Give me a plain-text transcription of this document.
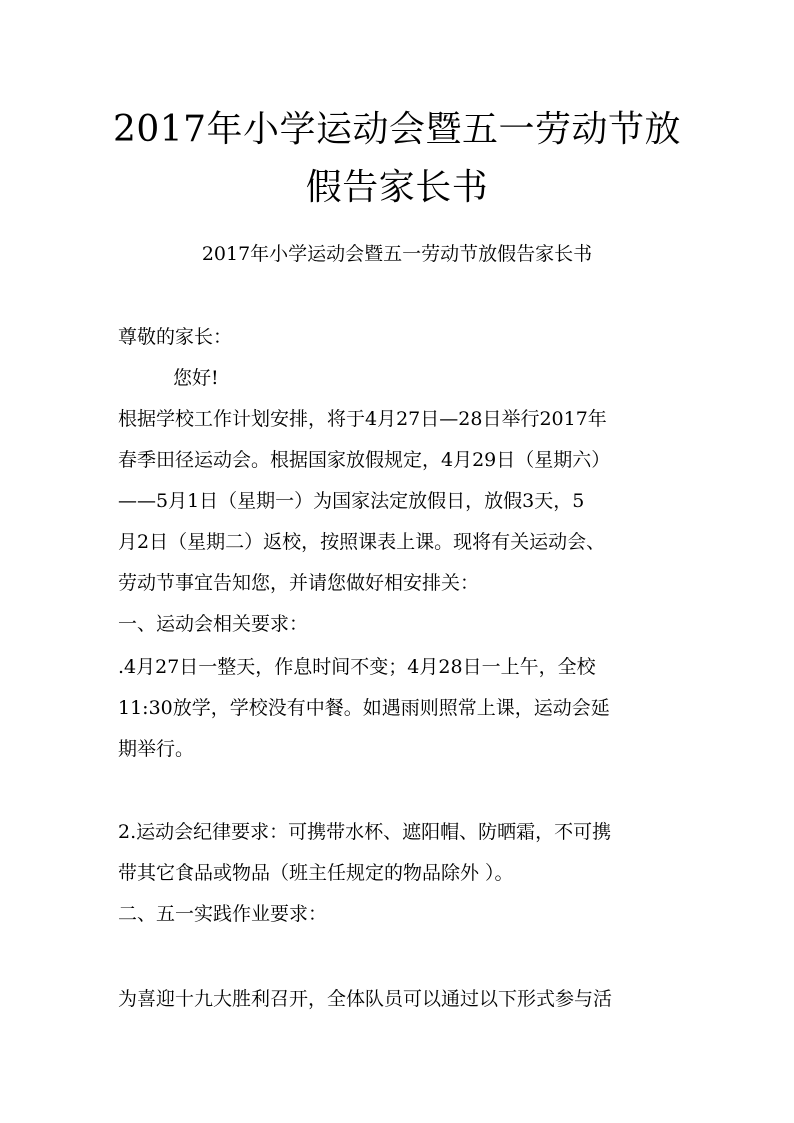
2017年小学运动会暨五一劳动节放
假告家长书
2017年小学运动会暨五一劳动节放假告家长书
尊敬的家长：
您好!
根据学校工作计划安排，将于4月27日—28日举行2017年
春季田径运动会。根据国家放假规定，4月29日（星期六）
——5月1日（星期一）为国家法定放假日，放假3天，5
月2日（星期二）返校，按照课表上课。现将有关运动会、
劳动节事宜告知您，并请您做好相安排关：
一、运动会相关要求：
.4月27日一整天，作息时间不变；4月28日一上午，全校
11:30放学，学校没有中餐。如遇雨则照常上课，运动会延
期举行。
2.运动会纪律要求：可携带水杯、遮阳帽、防晒霜，不可携
带其它食品或物品（班主任规定的物品除外 ）。
二、五一实践作业要求：
为喜迎十九大胜利召开，全体队员可以通过以下形式参与活
